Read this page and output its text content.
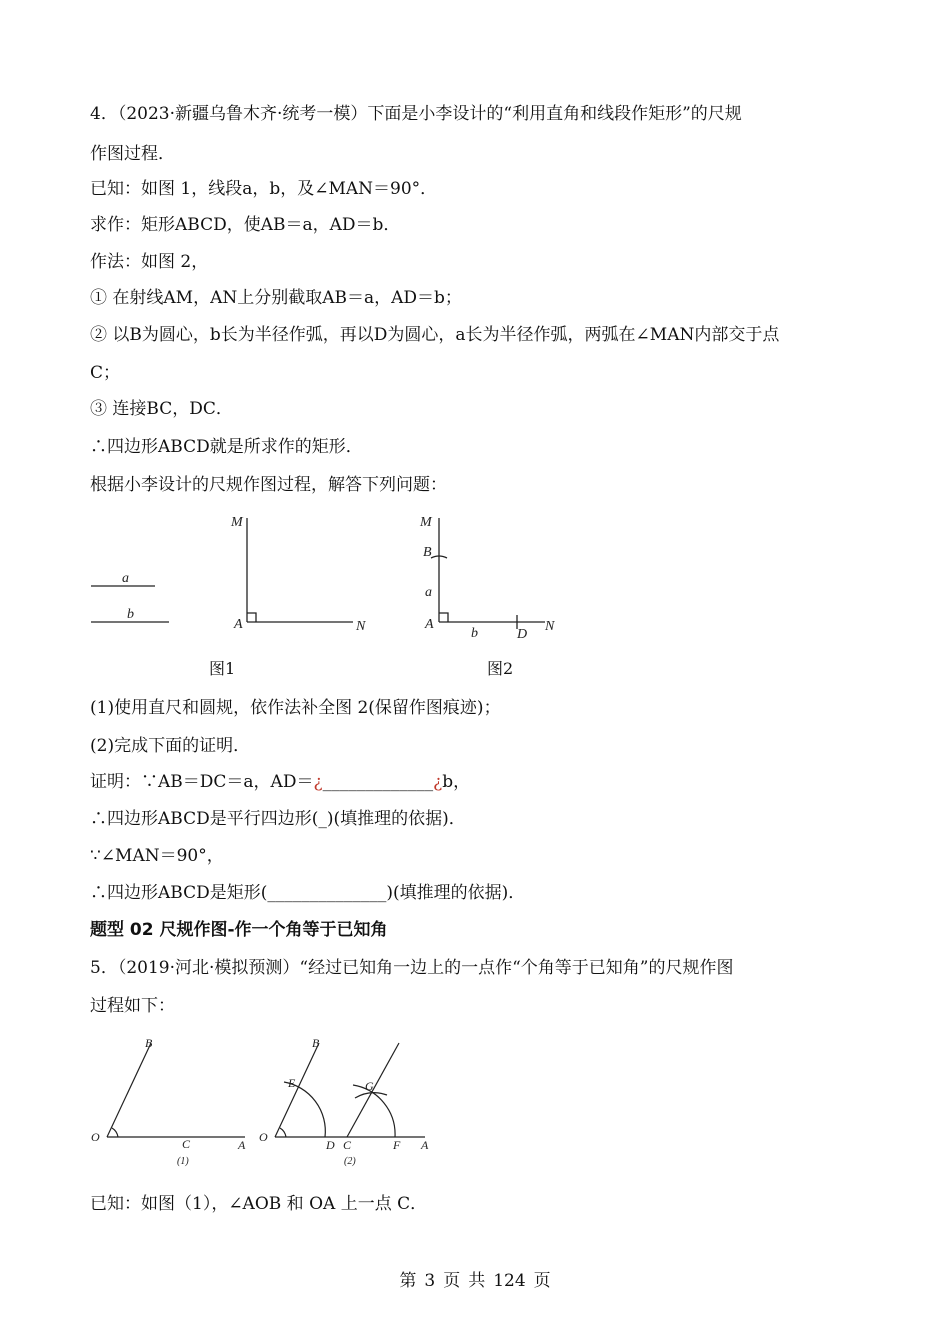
4．（2023·新疆乌鲁木齐·统考一模）下面是小李设计的“利用直角和线段作矩形”的尺规
作图过程．
已知：如图 1，线段a，b，及∠MAN＝90°．
求作：矩形ABCD，使AB＝a，AD＝b．
作法：如图 2，
① 在射线AM，AN上分别截取AB＝a，AD＝b；
② 以B为圆心，b长为半径作弧，再以D为圆心，a长为半径作弧，两弧在∠MAN内部交于点
C；
③ 连接BC，DC．
∴四边形ABCD就是所求作的矩形．
根据小李设计的尺规作图过程，解答下列问题：
a
b
M
A	N
M
B
a
A
b	D
N
图1	图2
(1)使用直尺和圆规，依作法补全图 2(保留作图痕迹)；
(2)完成下面的证明．
证明：∵AB＝DC＝a，AD＝¿_____________¿b，
∴四边形ABCD是平行四边形(_)(填推理的依据)．
∵∠MAN＝90°，
∴四边形ABCD是矩形(______________)(填推理的依据)．
题型 02 尺规作图-作一个角等于已知角
5．（2019·河北·模拟预测）“经过已知角一边上的一点作“个角等于已知角”的尺规作图
过程如下：
B
O	C	A
(1)
B
E
O
D C
G
F A
(2)
已知：如图（1），∠AOB 和 OA 上一点 C．
第 3 页 共 124 页
